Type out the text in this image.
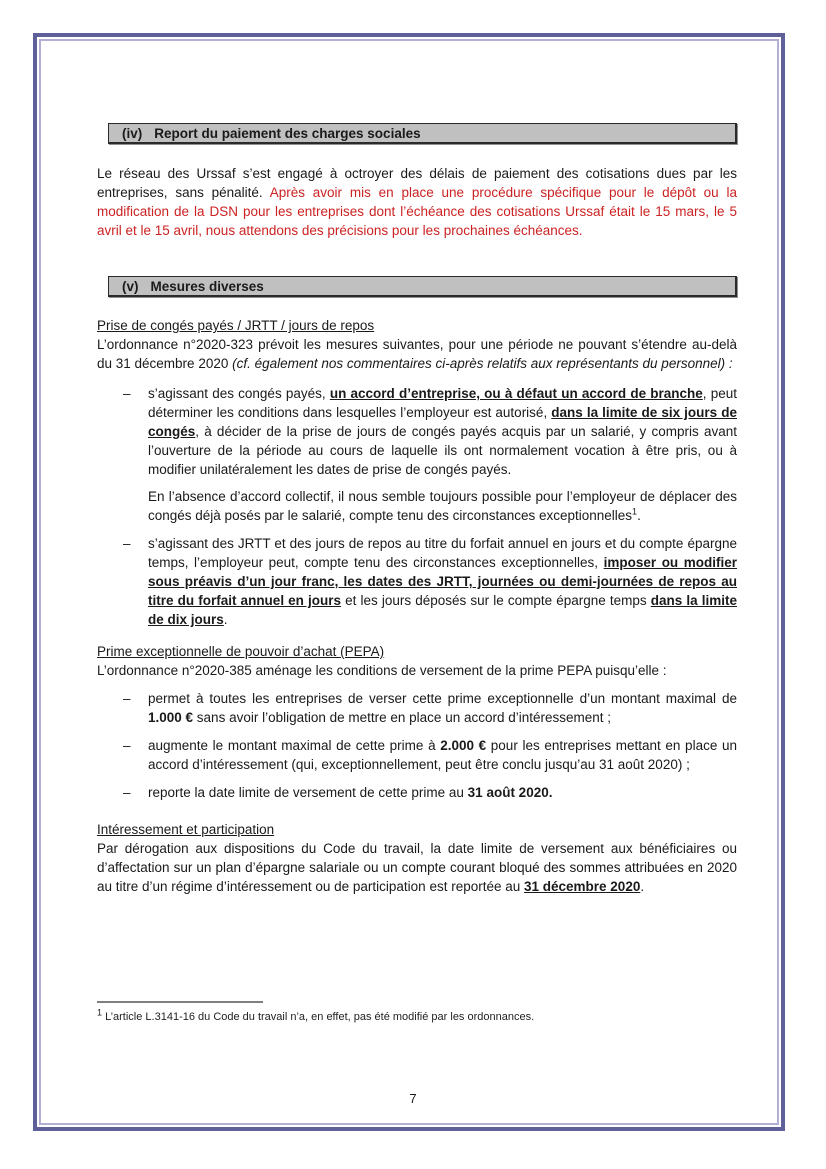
(iv) Report du paiement des charges sociales

Le réseau des Urssaf s’est engagé à octroyer des délais de paiement des cotisations dues par les entreprises, sans pénalité. Après avoir mis en place une procédure spécifique pour le dépôt ou la modification de la DSN pour les entreprises dont l’échéance des cotisations Urssaf était le 15 mars, le 5 avril et le 15 avril, nous attendons des précisions pour les prochaines échéances.

(v) Mesures diverses

Prise de congés payés / JRTT / jours de repos

L’ordonnance n°2020-323 prévoit les mesures suivantes, pour une période ne pouvant s’étendre au-delà du 31 décembre 2020 (cf. également nos commentaires ci-après relatifs aux représentants du personnel) :

–	s’agissant des congés payés, un accord d’entreprise, ou à défaut un accord de branche, peut déterminer les conditions dans lesquelles l’employeur est autorisé, dans la limite de six jours de congés, à décider de la prise de jours de congés payés acquis par un salarié, y compris avant l’ouverture de la période au cours de laquelle ils ont normalement vocation à être pris, ou à modifier unilatéralement les dates de prise de congés payés.

En l’absence d’accord collectif, il nous semble toujours possible pour l’employeur de déplacer des congés déjà posés par le salarié, compte tenu des circonstances exceptionnelles$^1$.

–	s’agissant des JRTT et des jours de repos au titre du forfait annuel en jours et du compte épargne temps, l’employeur peut, compte tenu des circonstances exceptionnelles, imposer ou modifier sous préavis d’un jour franc, les dates des JRTT, journées ou demi-journées de repos au titre du forfait annuel en jours et les jours déposés sur le compte épargne temps dans la limite de dix jours.

Prime exceptionnelle de pouvoir d’achat (PEPA)

L’ordonnance n°2020-385 aménage les conditions de versement de la prime PEPA puisqu’elle :

–	permet à toutes les entreprises de verser cette prime exceptionnelle d’un montant maximal de 1.000 € sans avoir l’obligation de mettre en place un accord d’intéressement ;
–	augmente le montant maximal de cette prime à 2.000 € pour les entreprises mettant en place un accord d’intéressement (qui, exceptionnellement, peut être conclu jusqu’au 31 août 2020) ;
–	reporte la date limite de versement de cette prime au 31 août 2020.

Intéressement et participation

Par dérogation aux dispositions du Code du travail, la date limite de versement aux bénéficiaires ou d’affectation sur un plan d’épargne salariale ou un compte courant bloqué des sommes attribuées en 2020 au titre d’un régime d’intéressement ou de participation est reportée au 31 décembre 2020.

$^1$ L’article L.3141-16 du Code du travail n’a, en effet, pas été modifié par les ordonnances.
7
